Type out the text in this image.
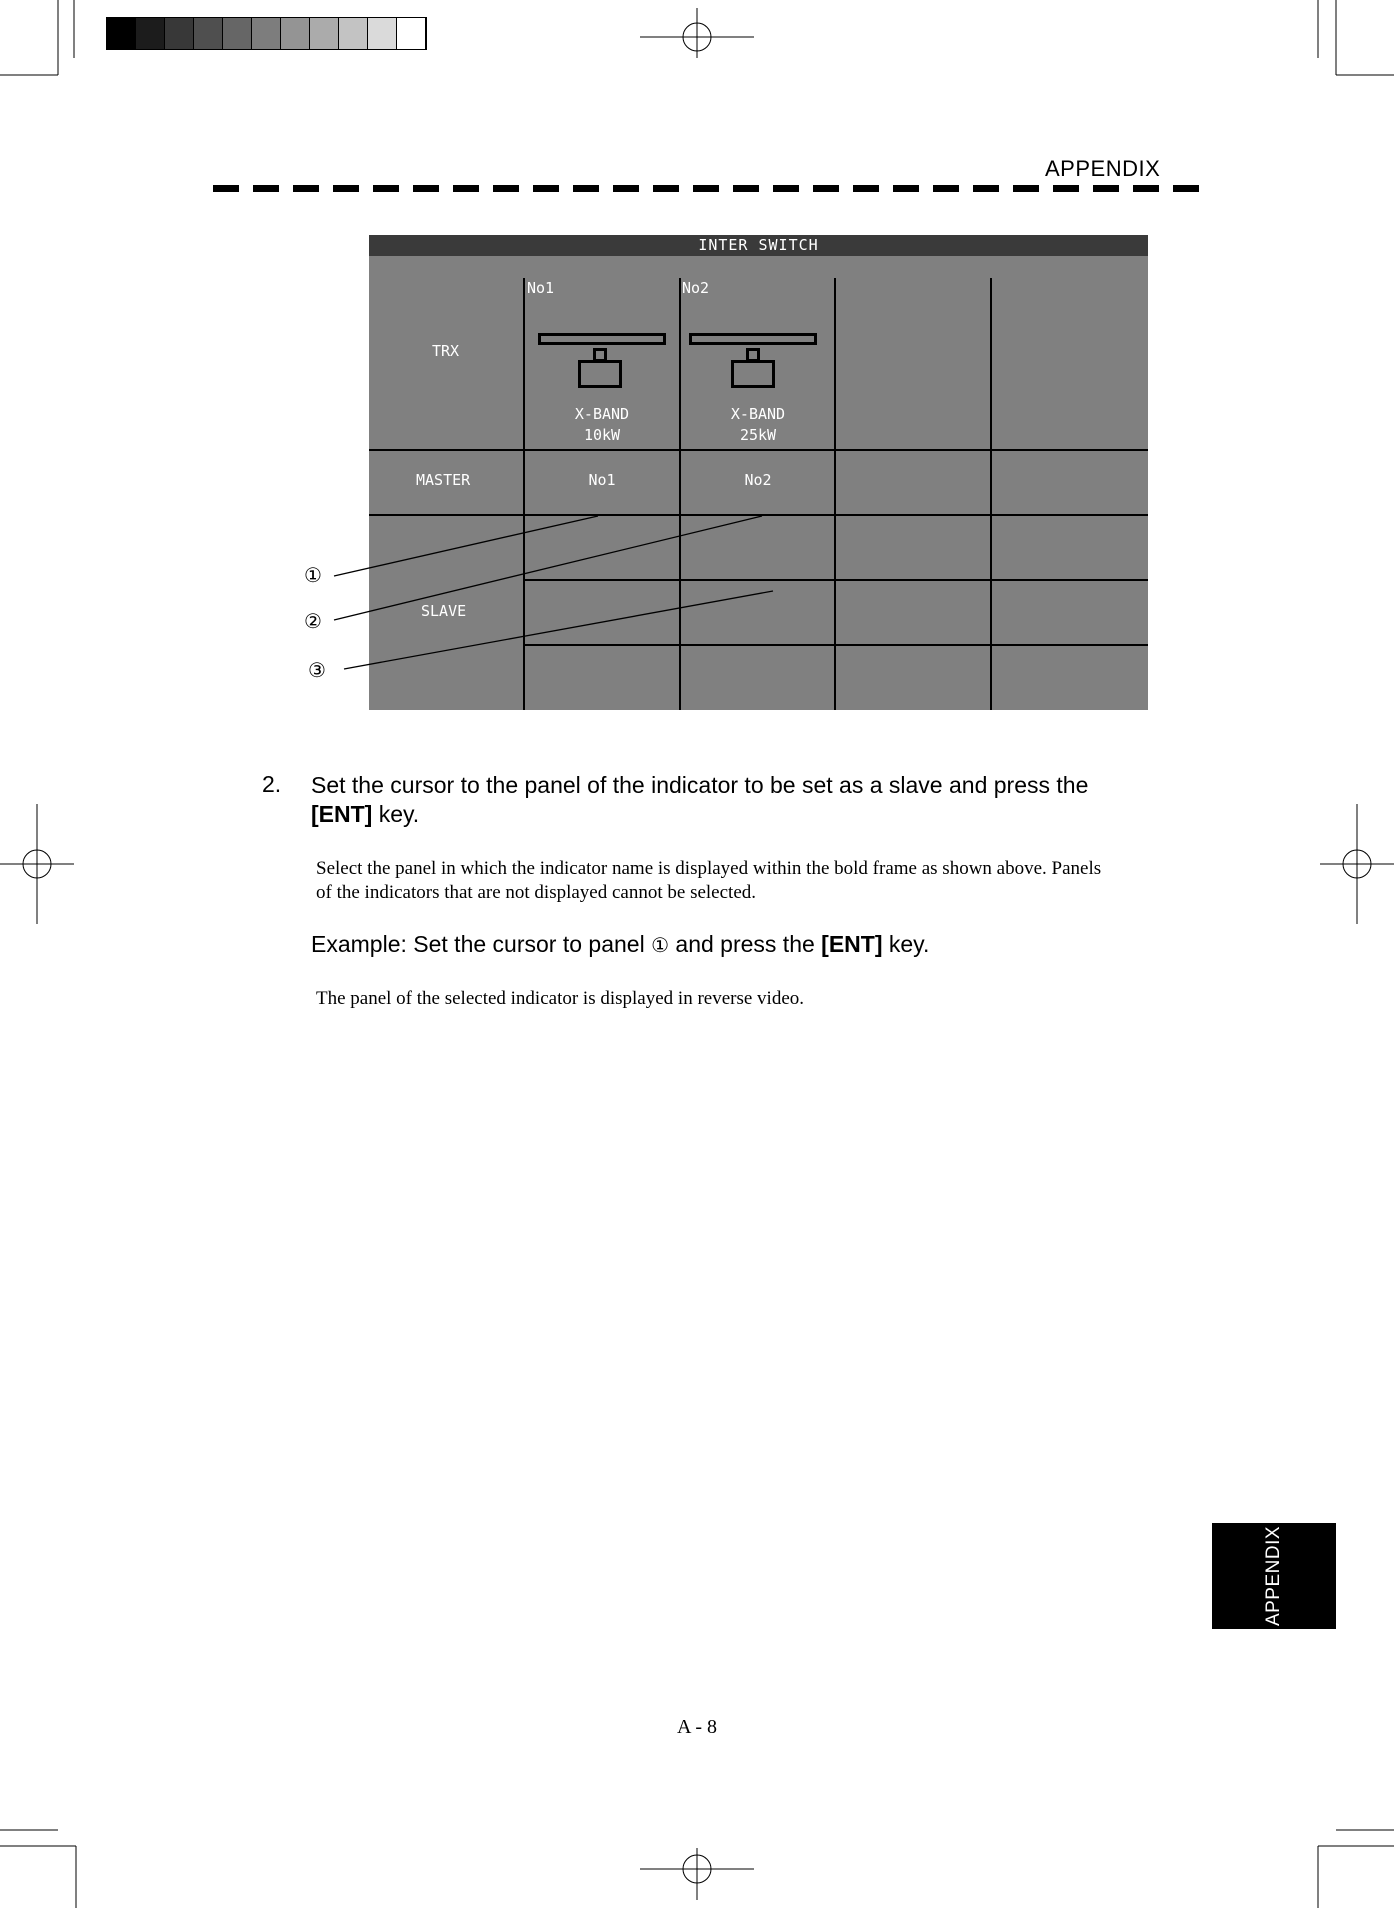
APPENDIX
INTER SWITCH
No1	No2
TRX
MASTER
SLAVE
X-BAND
10kW
X-BAND
25kW
No1	No2
①
②
③
2. Set the cursor to the panel of the indicator to be set as a slave and press the
[ENT] key.
Select the panel in which the indicator name is displayed within the bold frame as shown above. Panels
of the indicators that are not displayed cannot be selected.
Example: Set the cursor to panel ① and press the [ENT] key.
The panel of the selected indicator is displayed in reverse video.
APPENDIX
A - 8
